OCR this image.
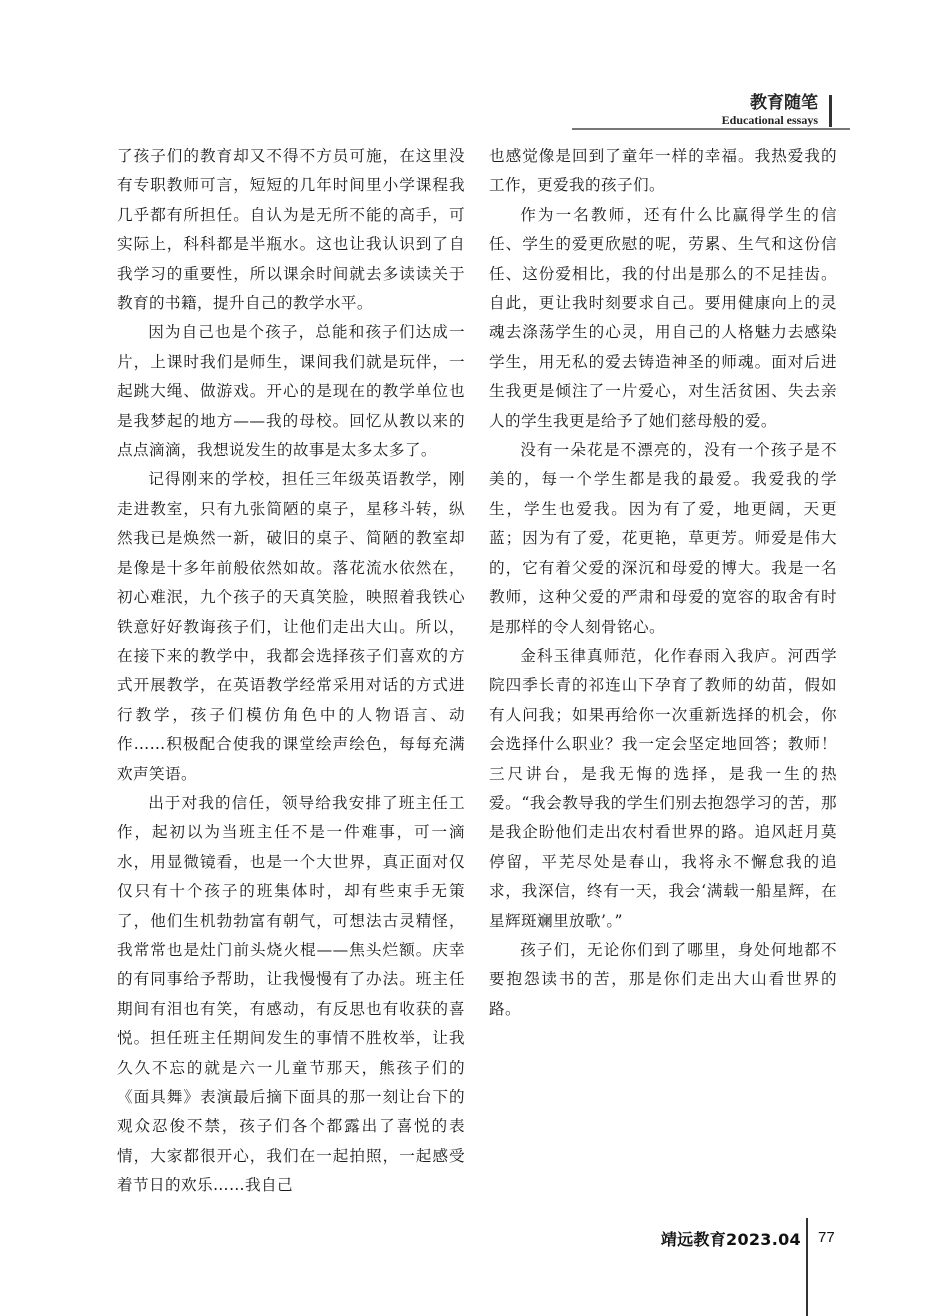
教育随笔
Educational essays

了孩子们的教育却又不得不方员可施，在这里没有专职教师可言，短短的几年时间里小学课程我几乎都有所担任。自认为是无所不能的高手，可实际上，科科都是半瓶水。这也让我认识到了自我学习的重要性，所以课余时间就去多读读关于教育的书籍，提升自己的教学水平。

因为自己也是个孩子，总能和孩子们达成一片，上课时我们是师生，课间我们就是玩伴，一起跳大绳、做游戏。开心的是现在的教学单位也是我梦起的地方——我的母校。回忆从教以来的点点滴滴，我想说发生的故事是太多太多了。

记得刚来的学校，担任三年级英语教学，刚走进教室，只有九张简陋的桌子，星移斗转，纵然我已是焕然一新，破旧的桌子、简陋的教室却是像是十多年前般依然如故。落花流水依然在，初心难泯，九个孩子的天真笑脸，映照着我铁心铁意好好教诲孩子们，让他们走出大山。所以，在接下来的教学中，我都会选择孩子们喜欢的方式开展教学，在英语教学经常采用对话的方式进行教学，孩子们模仿角色中的人物语言、动作……积极配合使我的课堂绘声绘色，每每充满欢声笑语。

出于对我的信任，领导给我安排了班主任工作，起初以为当班主任不是一件难事，可一滴水，用显微镜看，也是一个大世界，真正面对仅仅只有十个孩子的班集体时，却有些束手无策了，他们生机勃勃富有朝气，可想法古灵精怪，我常常也是灶门前头烧火棍——焦头烂额。庆幸的有同事给予帮助，让我慢慢有了办法。班主任期间有泪也有笑，有感动，有反思也有收获的喜悦。担任班主任期间发生的事情不胜枚举，让我久久不忘的就是六一儿童节那天，熊孩子们的《面具舞》表演最后摘下面具的那一刻让台下的观众忍俊不禁，孩子们各个都露出了喜悦的表情，大家都很开心，我们在一起拍照，一起感受着节日的欢乐……我自己

也感觉像是回到了童年一样的幸福。我热爱我的工作，更爱我的孩子们。

作为一名教师，还有什么比赢得学生的信任、学生的爱更欣慰的呢，劳累、生气和这份信任、这份爱相比，我的付出是那么的不足挂齿。自此，更让我时刻要求自己。要用健康向上的灵魂去涤荡学生的心灵，用自己的人格魅力去感染学生，用无私的爱去铸造神圣的师魂。面对后进生我更是倾注了一片爱心，对生活贫困、失去亲人的学生我更是给予了她们慈母般的爱。

没有一朵花是不漂亮的，没有一个孩子是不美的，每一个学生都是我的最爱。我爱我的学生，学生也爱我。因为有了爱，地更阔，天更蓝；因为有了爱，花更艳，草更芳。师爱是伟大的，它有着父爱的深沉和母爱的博大。我是一名教师，这种父爱的严肃和母爱的宽容的取舍有时是那样的令人刻骨铭心。

金科玉律真师范，化作春雨入我庐。河西学院四季长青的祁连山下孕育了教师的幼苗，假如有人问我；如果再给你一次重新选择的机会，你会选择什么职业？我一定会坚定地回答；教师！三尺讲台，是我无悔的选择，是我一生的热爱。“我会教导我的学生们别去抱怨学习的苦，那是我企盼他们走出农村看世界的路。追风赶月莫停留，平芜尽处是春山，我将永不懈怠我的追求，我深信，终有一天，我会‘满载一船星辉，在星辉斑斓里放歌’。”

孩子们，无论你们到了哪里，身处何地都不要抱怨读书的苦，那是你们走出大山看世界的路。

靖远教育2023.04 77
